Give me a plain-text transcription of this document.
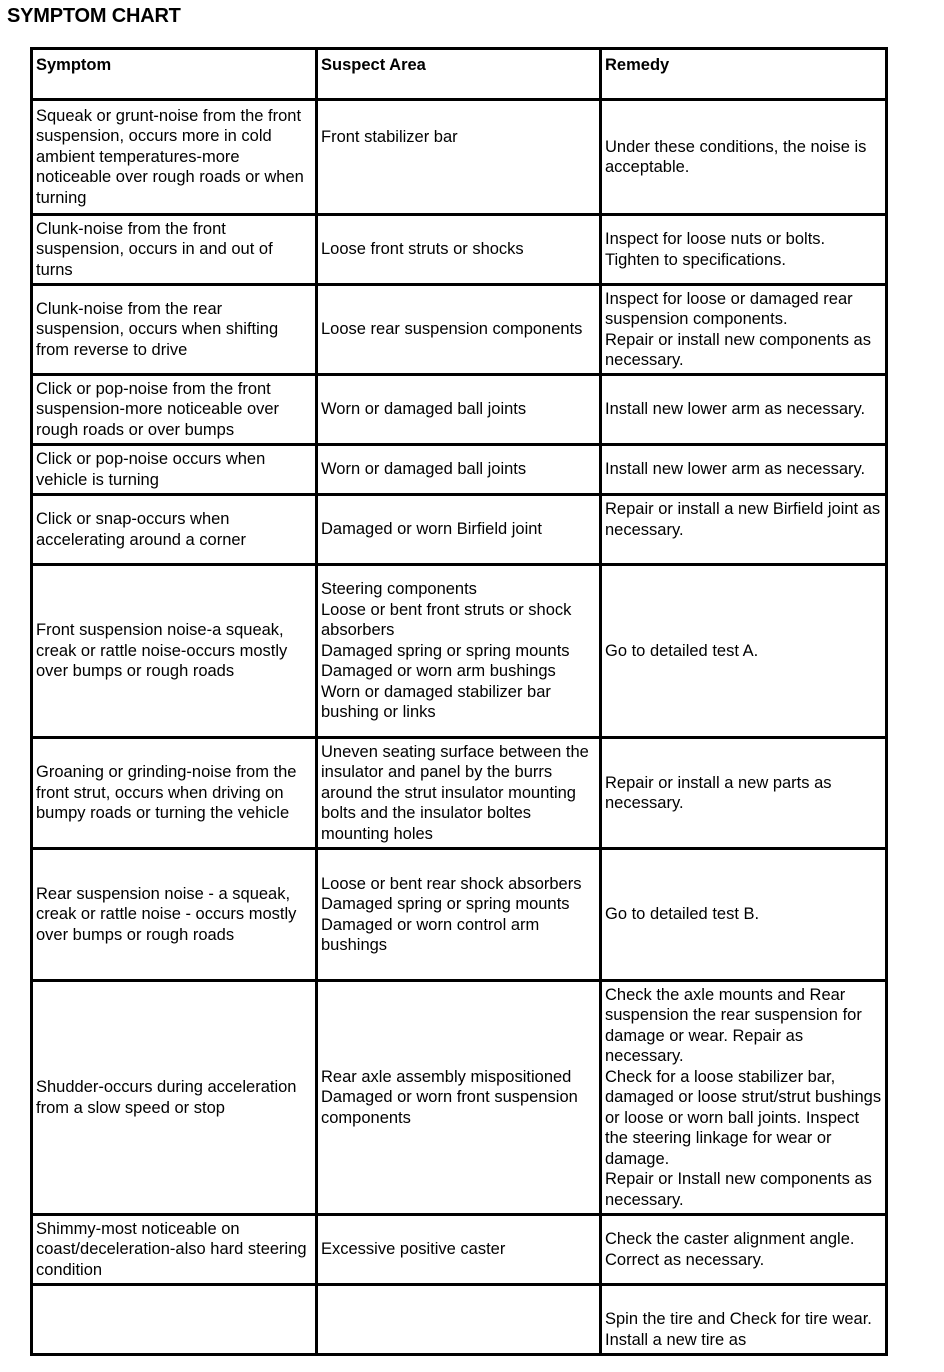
SYMPTOM CHART
Symptom	Suspect Area	Remedy
Squeak or grunt-noise from the front suspension, occurs more in cold ambient temperatures-more noticeable over rough roads or when turning	Front stabilizer bar	Under these conditions, the noise is acceptable.
Clunk-noise from the front suspension, occurs in and out of turns	Loose front struts or shocks	Inspect for loose nuts or bolts.
Tighten to specifications.
Clunk-noise from the rear suspension, occurs when shifting from reverse to drive	Loose rear suspension components	Inspect for loose or damaged rear suspension components.
Repair or install new components as necessary.
Click or pop-noise from the front suspension-more noticeable over rough roads or over bumps	Worn or damaged ball joints	Install new lower arm as necessary.
Click or pop-noise occurs when vehicle is turning	Worn or damaged ball joints	Install new lower arm as necessary.
Click or snap-occurs when accelerating around a corner	Damaged or worn Birfield joint	Repair or install a new Birfield joint as necessary.
Front suspension noise-a squeak, creak or rattle noise-occurs mostly over bumps or rough roads	Steering components
Loose or bent front struts or shock absorbers
Damaged spring or spring mounts
Damaged or worn arm bushings
Worn or damaged stabilizer bar bushing or links	Go to detailed test A.
Groaning or grinding-noise from the front strut, occurs when driving on bumpy roads or turning the vehicle	Uneven seating surface between the insulator and panel by the burrs around the strut insulator mounting bolts and the insulator boltes mounting holes	Repair or install a new parts as necessary.
Rear suspension noise - a squeak, creak or rattle noise - occurs mostly over bumps or rough roads	Loose or bent rear shock absorbers
Damaged spring or spring mounts
Damaged or worn control arm bushings	Go to detailed test B.
Shudder-occurs during acceleration from a slow speed or stop	Rear axle assembly mispositioned
Damaged or worn front suspension components	Check the axle mounts and Rear suspension the rear suspension for damage or wear. Repair as necessary.
Check for a loose stabilizer bar, damaged or loose strut/strut bushings or loose or worn ball joints. Inspect the steering linkage for wear or damage.
Repair or Install new components as necessary.
Shimmy-most noticeable on coast/deceleration-also hard steering condition	Excessive positive caster	Check the caster alignment angle.
Correct as necessary.
		Spin the tire and Check for tire wear. Install a new tire as
